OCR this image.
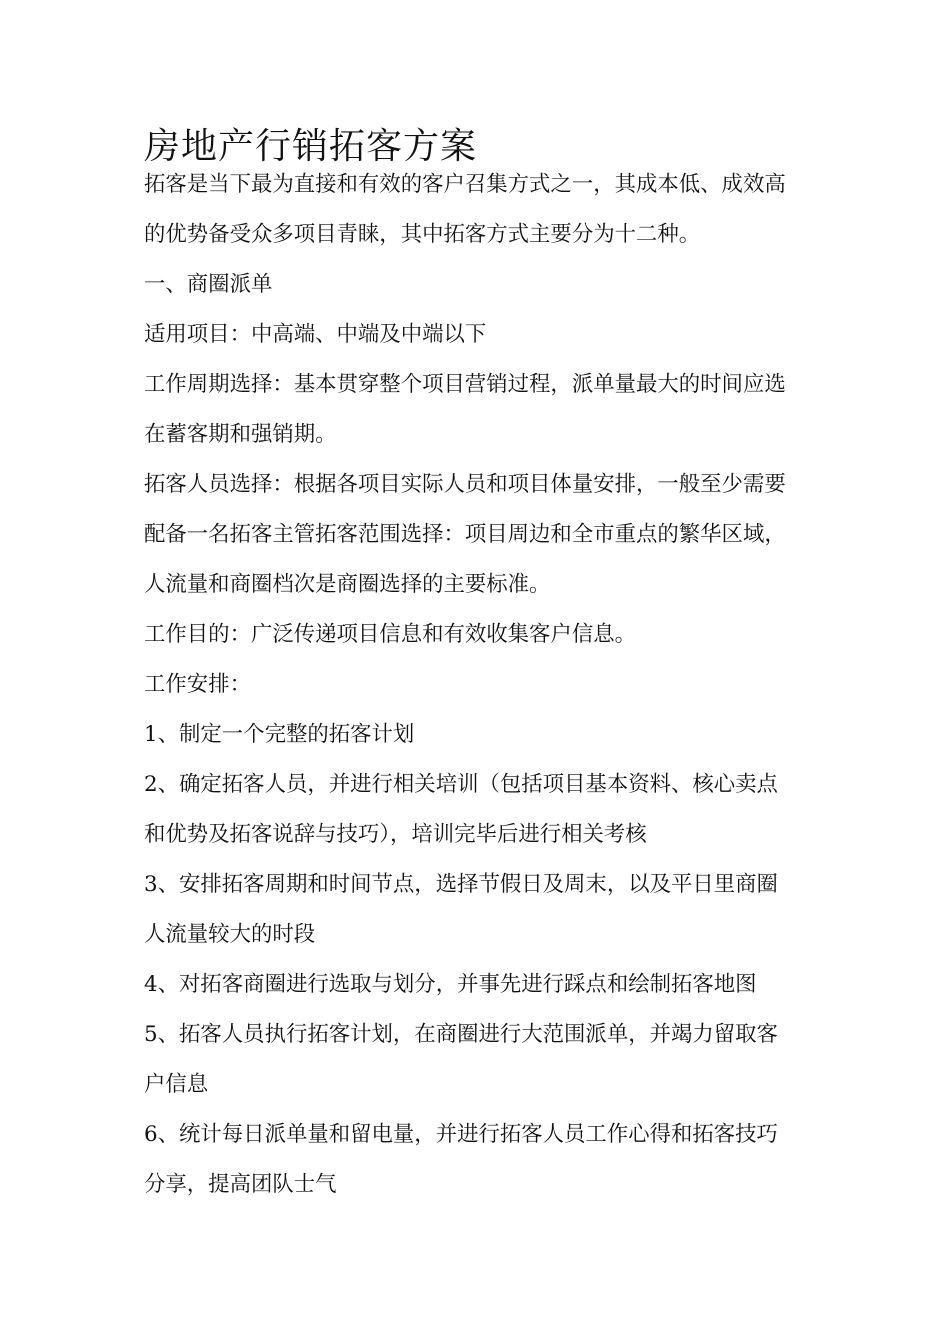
房地产行销拓客方案

拓客是当下最为直接和有效的客户召集方式之一，其成本低、成效高

的优势备受众多项目青睐，其中拓客方式主要分为十二种。

一、商圈派单

适用项目：中高端、中端及中端以下

工作周期选择：基本贯穿整个项目营销过程，派单量最大的时间应选

在蓄客期和强销期。

拓客人员选择：根据各项目实际人员和项目体量安排，一般至少需要

配备一名拓客主管拓客范围选择：项目周边和全市重点的繁华区域，

人流量和商圈档次是商圈选择的主要标准。

工作目的：广泛传递项目信息和有效收集客户信息。

工作安排：

1、制定一个完整的拓客计划

2、确定拓客人员，并进行相关培训（包括项目基本资料、核心卖点

和优势及拓客说辞与技巧），培训完毕后进行相关考核

3、安排拓客周期和时间节点，选择节假日及周末，以及平日里商圈

人流量较大的时段

4、对拓客商圈进行选取与划分，并事先进行踩点和绘制拓客地图

5、拓客人员执行拓客计划，在商圈进行大范围派单，并竭力留取客

户信息

6、统计每日派单量和留电量，并进行拓客人员工作心得和拓客技巧

分享，提高团队士气
